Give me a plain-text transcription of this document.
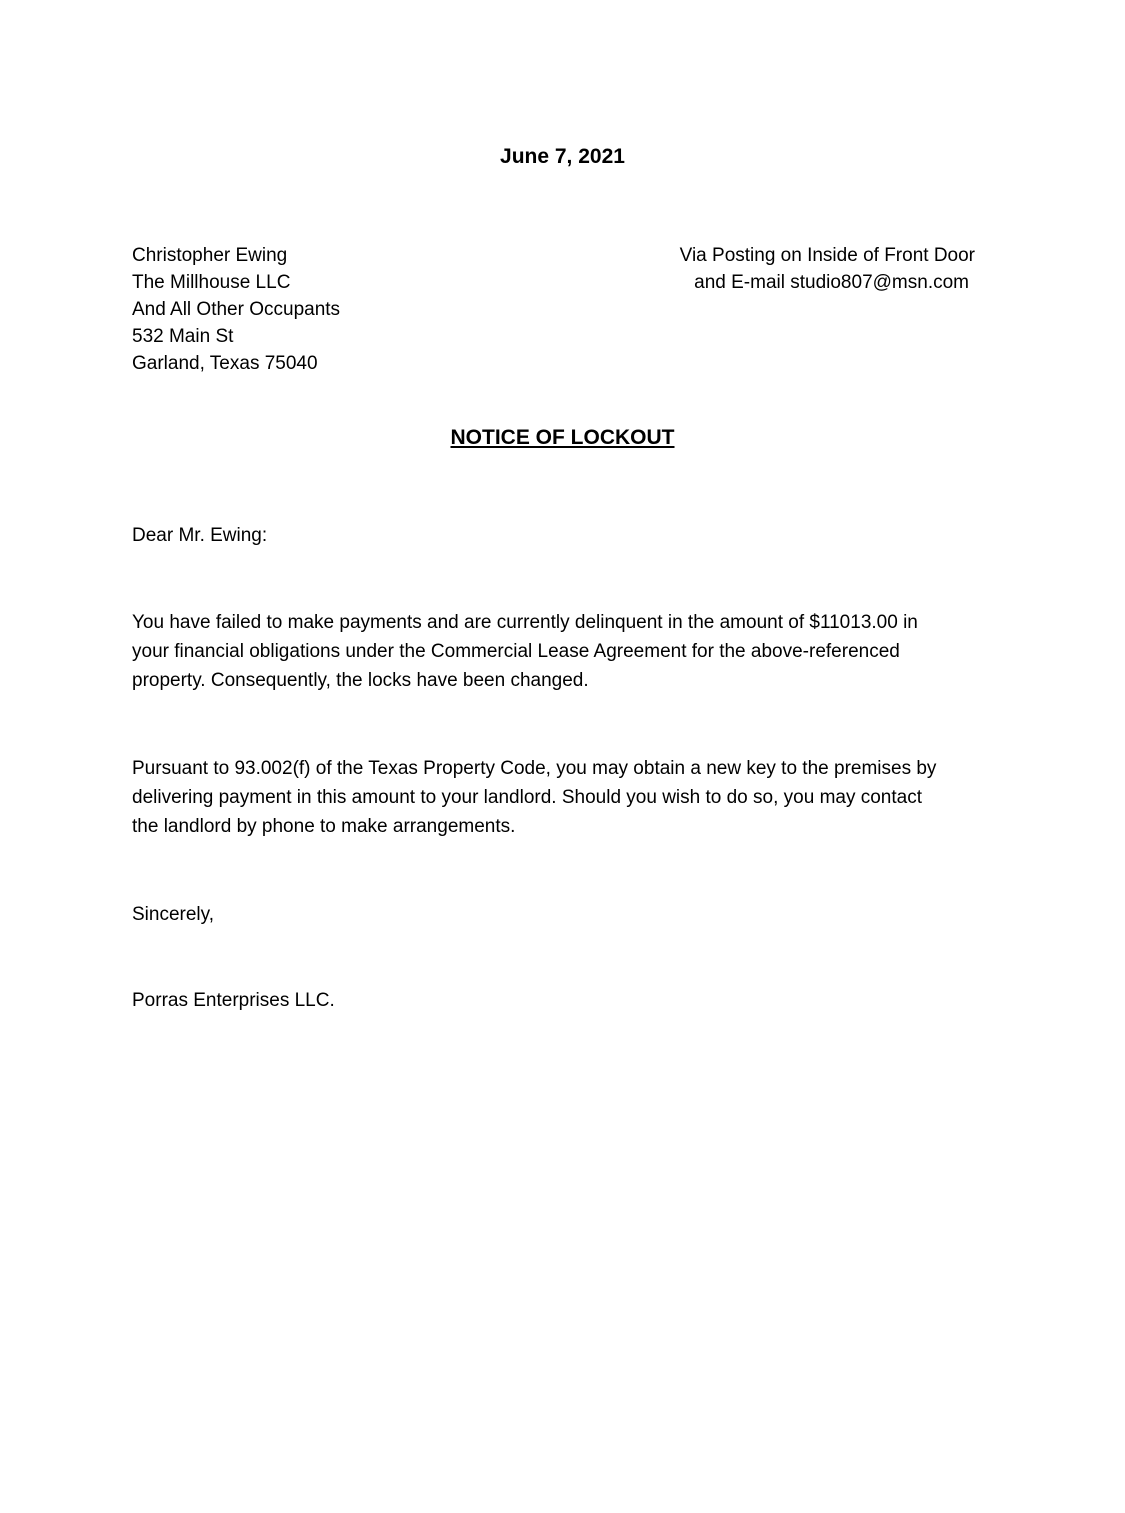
June 7, 2021
Christopher Ewing
The Millhouse LLC
And All Other Occupants
532 Main St
Garland, Texas 75040
Via Posting on Inside of Front Door
and E-mail studio807@msn.com
NOTICE OF LOCKOUT
Dear Mr. Ewing:
You have failed to make payments and are currently delinquent in the amount of $11013.00 in
your financial obligations under the Commercial Lease Agreement for the above-referenced
property. Consequently, the locks have been changed.
Pursuant to 93.002(f) of the Texas Property Code, you may obtain a new key to the premises by
delivering payment in this amount to your landlord. Should you wish to do so, you may contact
the landlord by phone to make arrangements.
Sincerely,
Porras Enterprises LLC.
